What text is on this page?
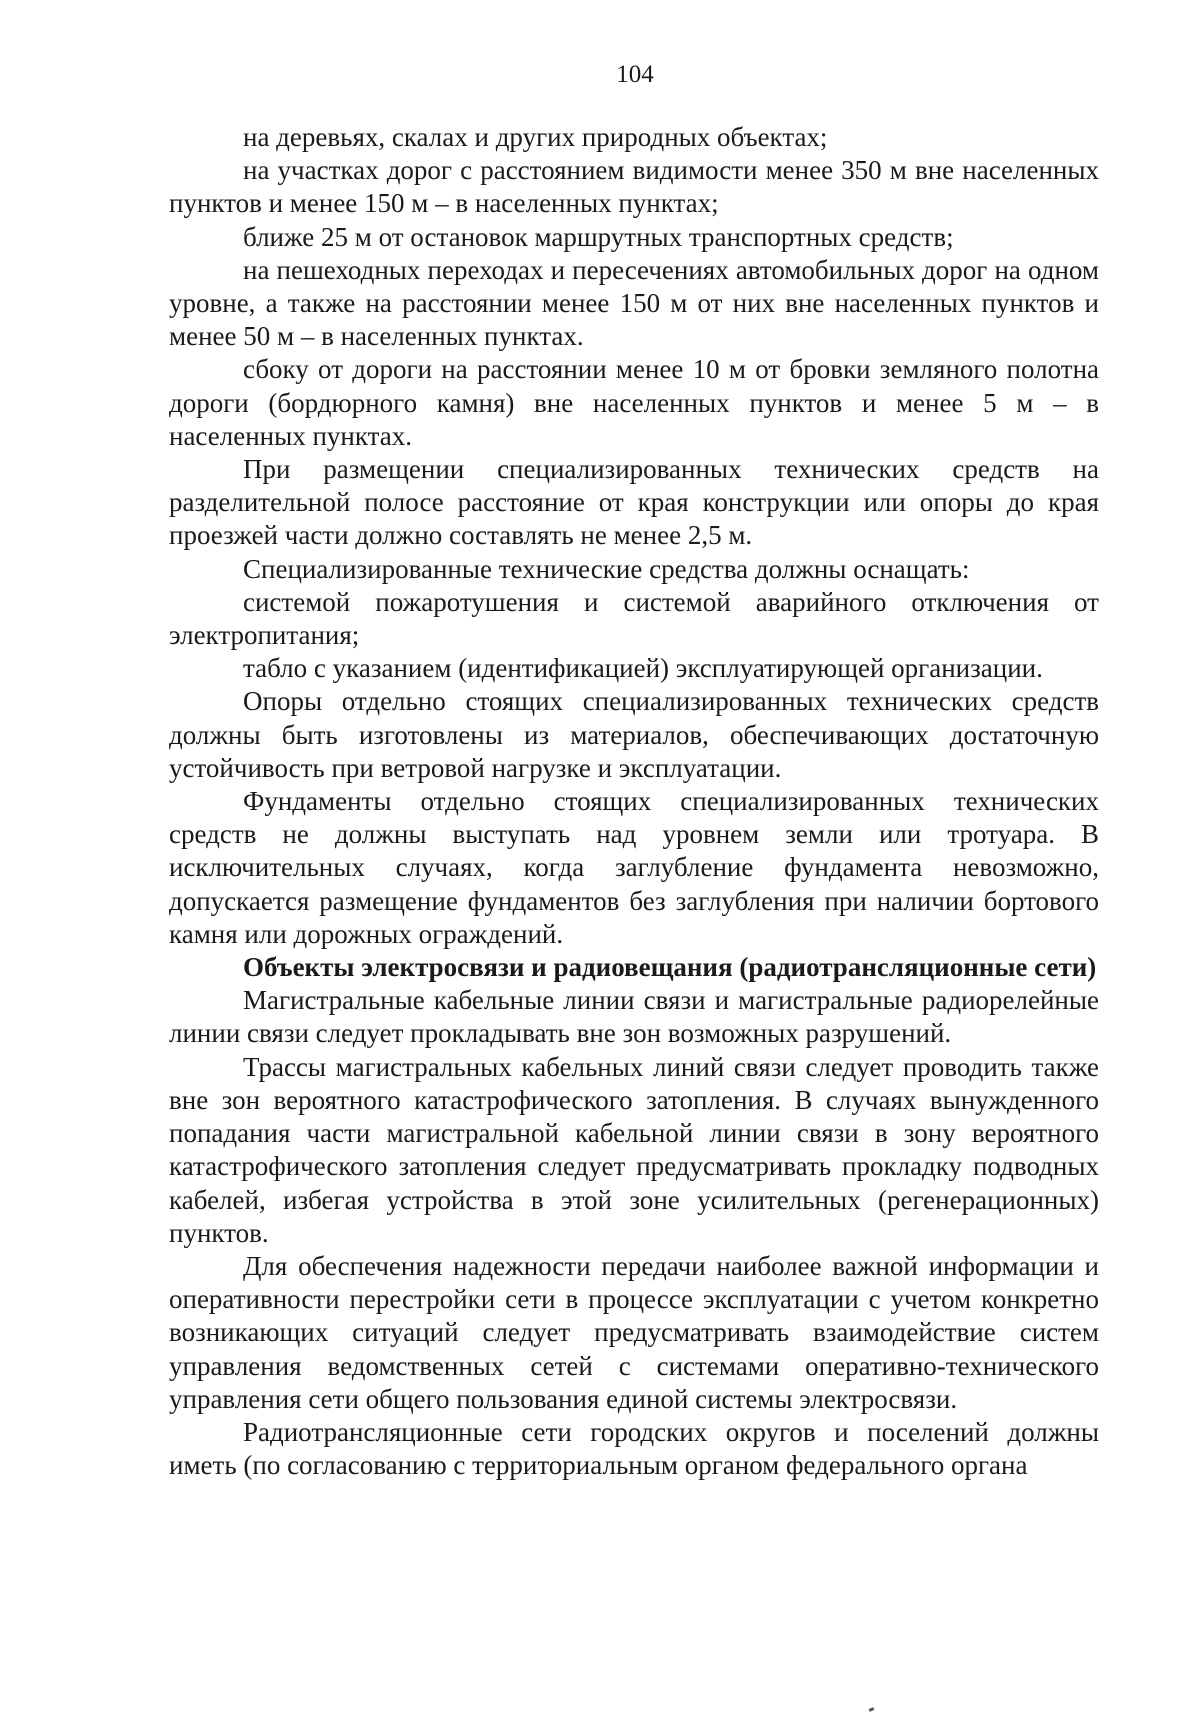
104

на деревьях, скалах и других природных объектах;

на участках дорог с расстоянием видимости менее 350 м вне населенных пунктов и менее 150 м – в населенных пунктах;

ближе 25 м от остановок маршрутных транспортных средств;

на пешеходных переходах и пересечениях автомобильных дорог на одном уровне, а также на расстоянии менее 150 м от них вне населенных пунктов и менее 50 м – в населенных пунктах.

сбоку от дороги на расстоянии менее 10 м от бровки земляного полотна дороги (бордюрного камня) вне населенных пунктов и менее 5 м – в населенных пунктах.

При размещении специализированных технических средств на разделительной полосе расстояние от края конструкции или опоры до края проезжей части должно составлять не менее 2,5 м.

Специализированные технические средства должны оснащать:

системой пожаротушения и системой аварийного отключения от электропитания;

табло с указанием (идентификацией) эксплуатирующей организации.

Опоры отдельно стоящих специализированных технических средств должны быть изготовлены из материалов, обеспечивающих достаточную устойчивость при ветровой нагрузке и эксплуатации.

Фундаменты отдельно стоящих специализированных технических средств не должны выступать над уровнем земли или тротуара. В исключительных случаях, когда заглубление фундамента невозможно, допускается размещение фундаментов без заглубления при наличии бортового камня или дорожных ограждений.

Объекты электросвязи и радиовещания (радиотрансляционные сети)

Магистральные кабельные линии связи и магистральные радиорелейные линии связи следует прокладывать вне зон возможных разрушений.

Трассы магистральных кабельных линий связи следует проводить также вне зон вероятного катастрофического затопления. В случаях вынужденного попадания части магистральной кабельной линии связи в зону вероятного катастрофического затопления следует предусматривать прокладку подводных кабелей, избегая устройства в этой зоне усилительных (регенерационных) пунктов.

Для обеспечения надежности передачи наиболее важной информации и оперативности перестройки сети в процессе эксплуатации с учетом конкретно возникающих ситуаций следует предусматривать взаимодействие систем управления ведомственных сетей с системами оперативно-технического управления сети общего пользования единой системы электросвязи.

Радиотрансляционные сети городских округов и поселений должны иметь (по согласованию с территориальным органом федерального органа
